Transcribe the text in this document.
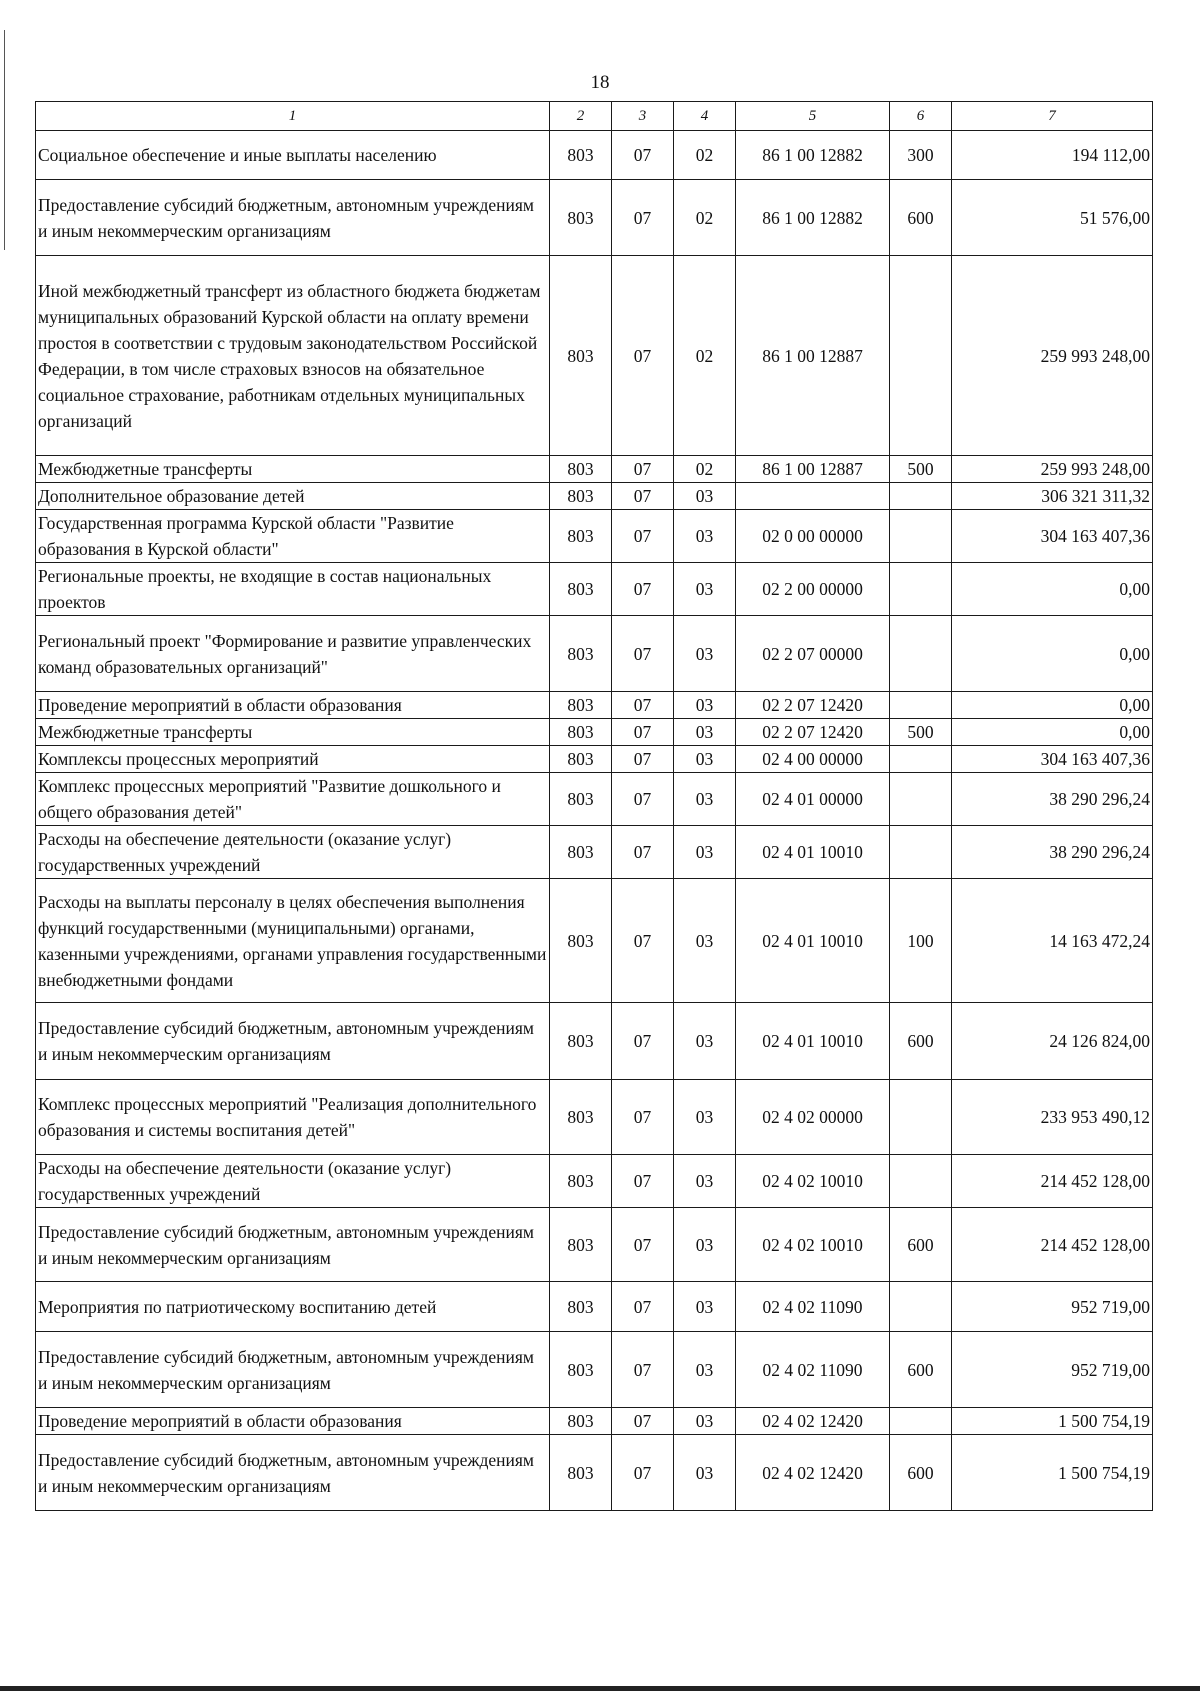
18
1	2	3	4	5	6	7
Социальное обеспечение и иные выплаты населению	803	07	02	86 1 00 12882	300	194 112,00
Предоставление субсидий бюджетным, автономным учреждениям и иным некоммерческим организациям	803	07	02	86 1 00 12882	600	51 576,00
Иной межбюджетный трансферт из областного бюджета бюджетам муниципальных образований Курской области на оплату времени простоя в соответствии с трудовым законодательством Российской Федерации, в том числе страховых взносов на обязательное социальное страхование, работникам отдельных муниципальных организаций	803	07	02	86 1 00 12887		259 993 248,00
Межбюджетные трансферты	803	07	02	86 1 00 12887	500	259 993 248,00
Дополнительное образование детей	803	07	03			306 321 311,32
Государственная программа Курской области "Развитие образования в Курской области"	803	07	03	02 0 00 00000		304 163 407,36
Региональные проекты, не входящие в состав национальных проектов	803	07	03	02 2 00 00000		0,00
Региональный проект "Формирование и развитие управленческих команд образовательных организаций"	803	07	03	02 2 07 00000		0,00
Проведение мероприятий в области образования	803	07	03	02 2 07 12420		0,00
Межбюджетные трансферты	803	07	03	02 2 07 12420	500	0,00
Комплексы процессных мероприятий	803	07	03	02 4 00 00000		304 163 407,36
Комплекс процессных мероприятий "Развитие дошкольного и общего образования детей"	803	07	03	02 4 01 00000		38 290 296,24
Расходы на обеспечение деятельности (оказание услуг) государственных учреждений	803	07	03	02 4 01 10010		38 290 296,24
Расходы на выплаты персоналу в целях обеспечения выполнения функций государственными (муниципальными) органами, казенными учреждениями, органами управления государственными внебюджетными фондами	803	07	03	02 4 01 10010	100	14 163 472,24
Предоставление субсидий бюджетным, автономным учреждениям и иным некоммерческим организациям	803	07	03	02 4 01 10010	600	24 126 824,00
Комплекс процессных мероприятий "Реализация дополнительного образования и системы воспитания детей"	803	07	03	02 4 02 00000		233 953 490,12
Расходы на обеспечение деятельности (оказание услуг) государственных учреждений	803	07	03	02 4 02 10010		214 452 128,00
Предоставление субсидий бюджетным, автономным учреждениям и иным некоммерческим организациям	803	07	03	02 4 02 10010	600	214 452 128,00
Мероприятия по патриотическому воспитанию детей	803	07	03	02 4 02 11090		952 719,00
Предоставление субсидий бюджетным, автономным учреждениям и иным некоммерческим организациям	803	07	03	02 4 02 11090	600	952 719,00
Проведение мероприятий в области образования	803	07	03	02 4 02 12420		1 500 754,19
Предоставление субсидий бюджетным, автономным учреждениям и иным некоммерческим организациям	803	07	03	02 4 02 12420	600	1 500 754,19
